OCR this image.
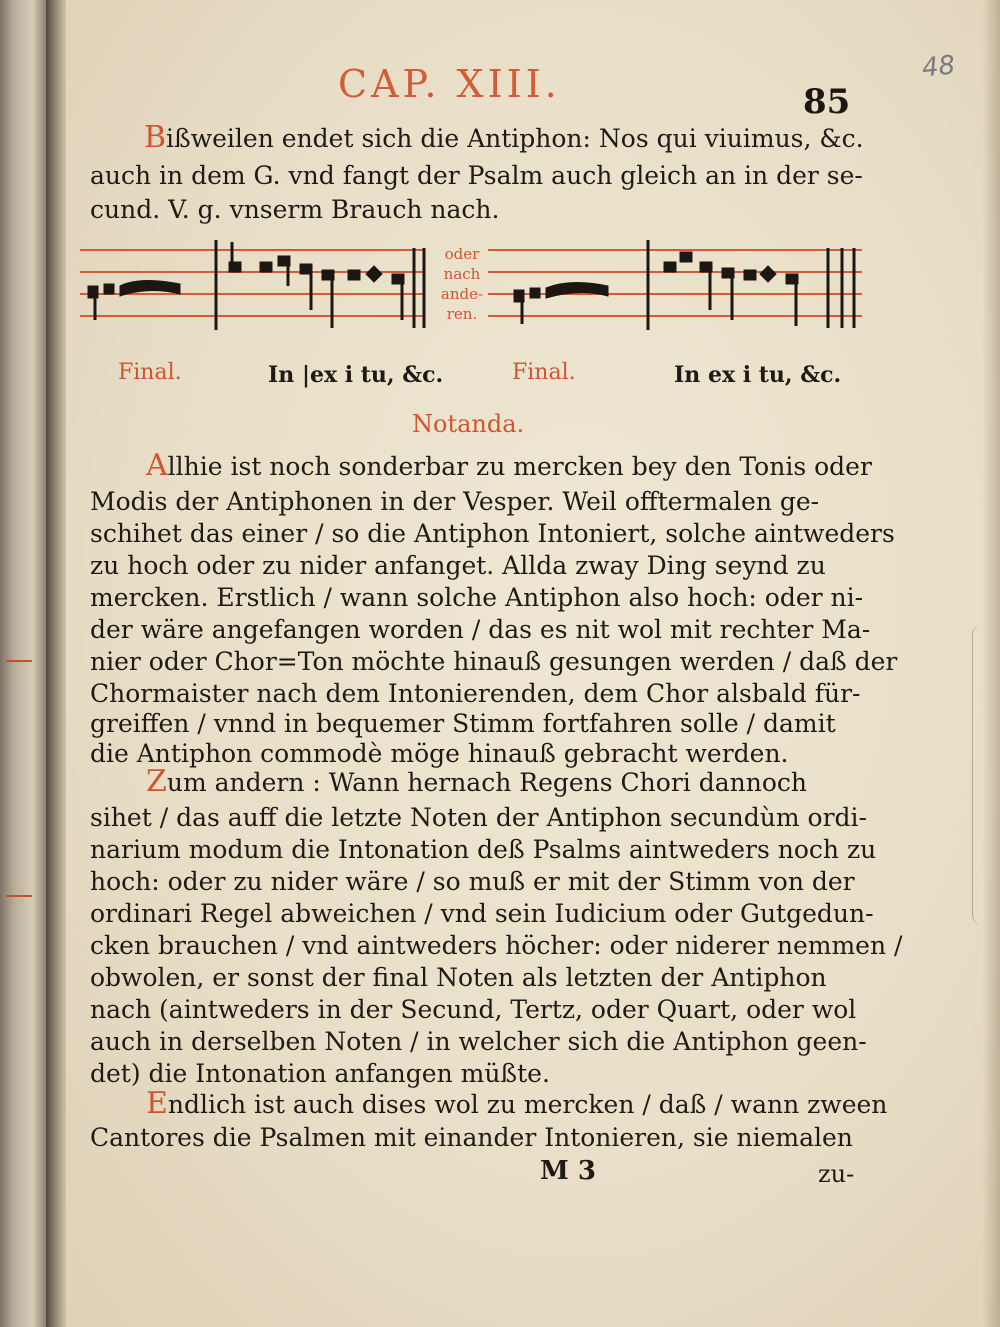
48
CAP. XIII.	85
Bißweilen endet sich die Antiphon: Nos qui viuimus, &c.
auch in dem G. vnd fangt der Psalm auch gleich an in der se-
cund. V. g. vnserm Brauch nach.
oder
nach
ande-
ren.
Final.	In |ex i tu, &c.	Final.	In ex i tu, &c.
Notanda.
Allhie ist noch sonderbar zu mercken bey den Tonis oder
Modis der Antiphonen in der Vesper. Weil offtermalen ge-
schihet das einer / so die Antiphon Intoniert, solche aintweders
zu hoch oder zu nider anfanget. Allda zway Ding seynd zu
mercken. Erstlich / wann solche Antiphon also hoch: oder ni-
der wäre angefangen worden / das es nit wol mit rechter Ma-
nier oder Chor=Ton möchte hinauß gesungen werden / daß der
Chormaister nach dem Intonierenden, dem Chor alsbald für-
greiffen / vnnd in bequemer Stimm fortfahren solle / damit
die Antiphon commodè möge hinauß gebracht werden.
Zum andern : Wann hernach Regens Chori dannoch
sihet / das auff die letzte Noten der Antiphon secundùm ordi-
narium modum die Intonation deß Psalms aintweders noch zu
hoch: oder zu nider wäre / so muß er mit der Stimm von der
ordinari Regel abweichen / vnd sein Iudicium oder Gutgedun-
cken brauchen / vnd aintweders höcher: oder niderer nemmen /
obwolen, er sonst der final Noten als letzten der Antiphon
nach (aintweders in der Secund, Tertz, oder Quart, oder wol
auch in derselben Noten / in welcher sich die Antiphon geen-
det) die Intonation anfangen müßte.
Endlich ist auch dises wol zu mercken / daß / wann zween
Cantores die Psalmen mit einander Intonieren, sie niemalen
M 3	zu-
